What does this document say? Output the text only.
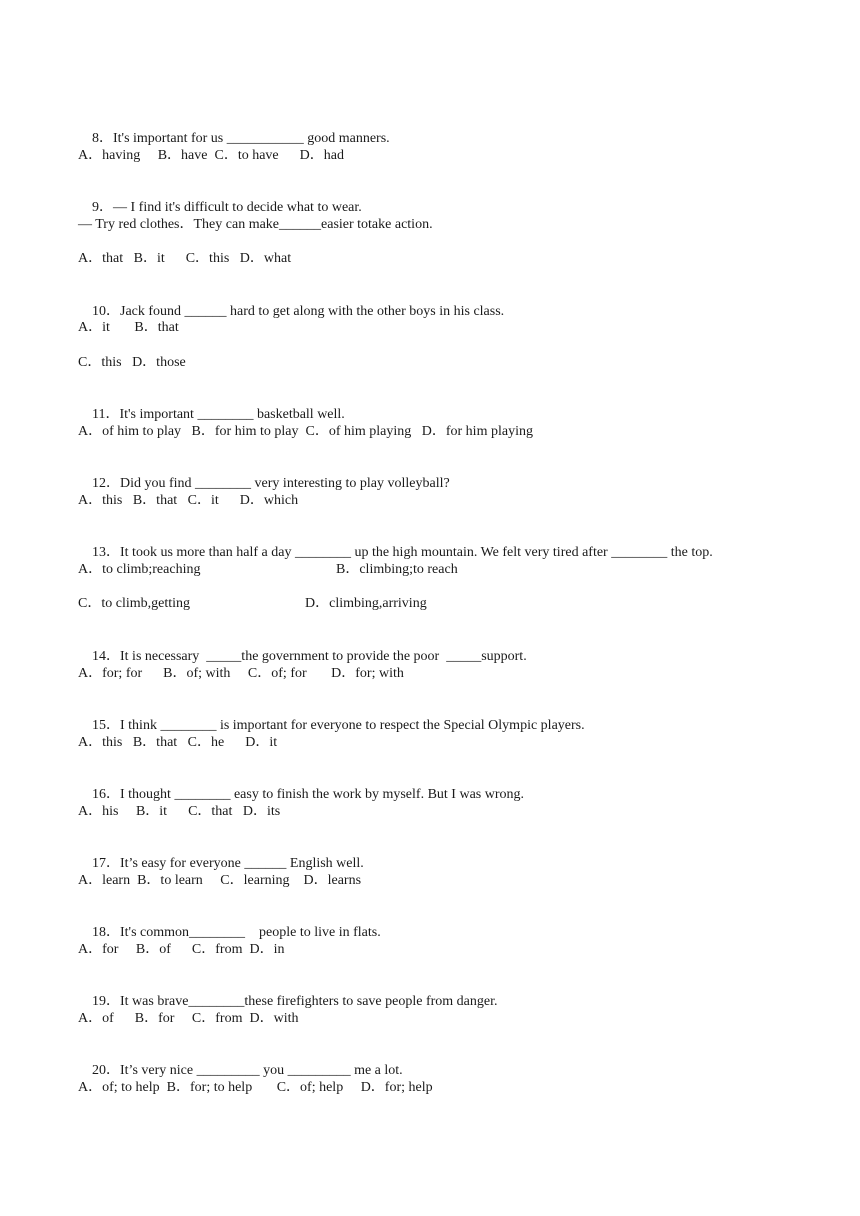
8．It's important for us ___________ good manners.

A．having     B．have  C．to have      D．had

9．— I find it's difficult to decide what to wear.

— Try red clothes．They can make______easier totake action.
A．that   B．it      C．this   D．what

10．Jack found ______ hard to get along with the other boys in his class.

A．it       B．that
C．this   D．those

11．It's important ________ basketball well.

A．of him to play   B．for him to play  C．of him playing   D．for him playing

12．Did you find ________ very interesting to play volleyball?

A．this   B．that   C．it      D．which

13．It took us more than half a day ________ up the high mountain. We felt very tired after ________ the top.

A．to climb;reaching

	B．climbing;to reach

C．to climb,getting

	D．climbing,arriving

14．It is necessary  _____the government to provide the poor  _____support.

A．for; for      B．of; with     C．of; for       D．for; with

15．I think ________ is important for everyone to respect the Special Olympic players.

A．this   B．that   C．he      D．it

16．I thought ________ easy to finish the work by myself. But I was wrong.

A．his     B．it      C．that   D．its

17．It’s easy for everyone ______ English well.

A．learn  B．to learn     C．learning    D．learns

18．It's common________    people to live in flats.

A．for     B．of      C．from  D．in

19．It was brave________these firefighters to save people from danger.

A．of      B．for     C．from  D．with

20．It’s very nice _________ you _________ me a lot.

A．of; to help  B．for; to help       C．of; help     D．for; help
